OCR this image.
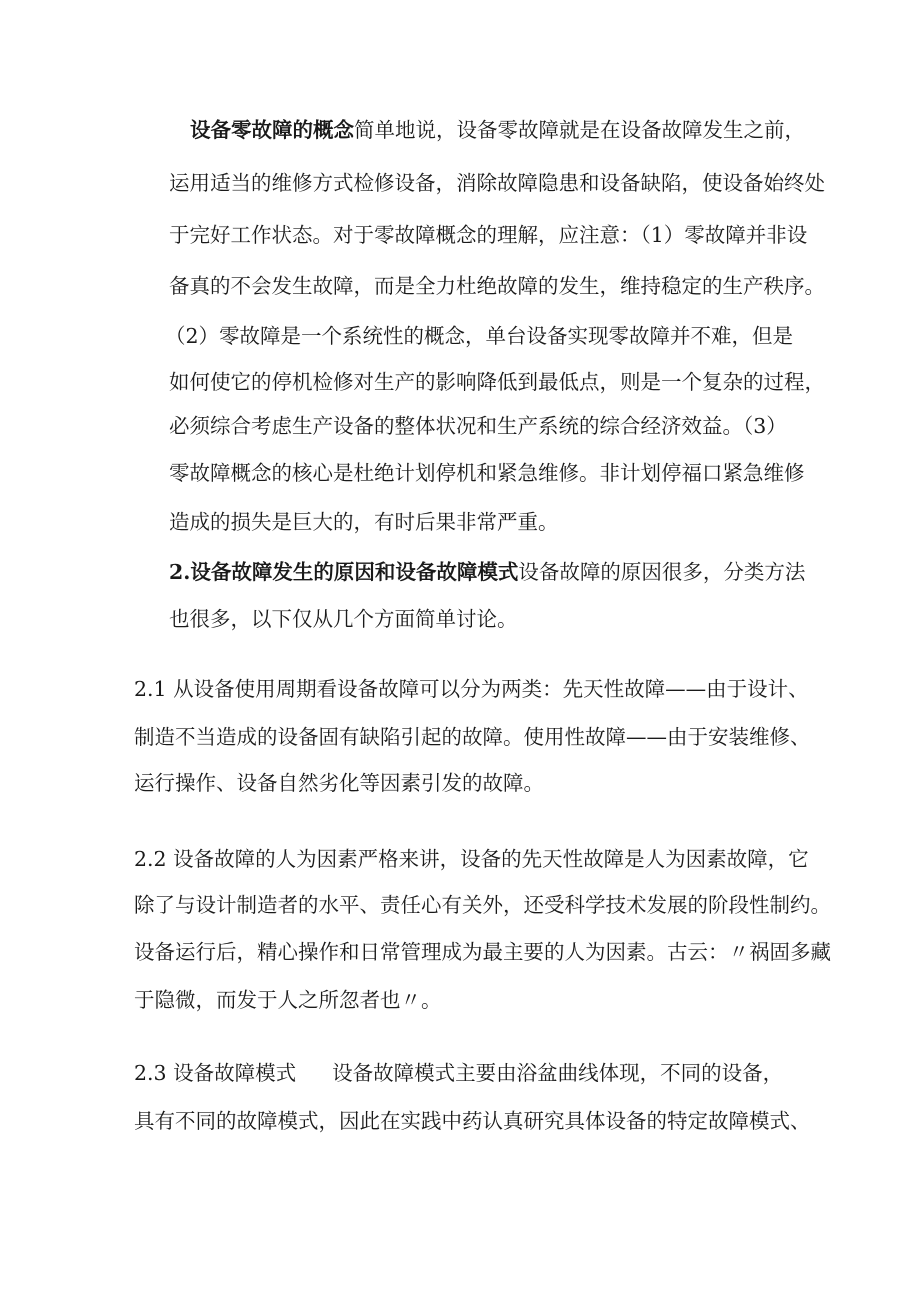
设备零故障的概念简单地说，设备零故障就是在设备故障发生之前，

运用适当的维修方式检修设备，消除故障隐患和设备缺陷，使设备始终处

于完好工作状态。对于零故障概念的理解，应注意：（1）零故障并非设

备真的不会发生故障，而是全力杜绝故障的发生，维持稳定的生产秩序。

（2）零故障是一个系统性的概念，单台设备实现零故障并不难，但是

如何使它的停机检修对生产的影响降低到最低点，则是一个复杂的过程，

必须综合考虑生产设备的整体状况和生产系统的综合经济效益。（3）

零故障概念的核心是杜绝计划停机和紧急维修。非计划停福口紧急维修

造成的损失是巨大的，有时后果非常严重。

2.设备故障发生的原因和设备故障模式设备故障的原因很多，分类方法

也很多，以下仅从几个方面简单讨论。

2.1 从设备使用周期看设备故障可以分为两类：先天性故障——由于设计、

制造不当造成的设备固有缺陷引起的故障。使用性故障——由于安装维修、

运行操作、设备自然劣化等因素引发的故障。

2.2 设备故障的人为因素严格来讲，设备的先天性故障是人为因素故障，它

除了与设计制造者的水平、责任心有关外，还受科学技术发展的阶段性制约。

设备运行后，精心操作和日常管理成为最主要的人为因素。古云：〃祸固多藏

于隐微，而发于人之所忽者也〃。

2.3 设备故障模式 设备故障模式主要由浴盆曲线体现，不同的设备，

具有不同的故障模式，因此在实践中药认真研究具体设备的特定故障模式、
